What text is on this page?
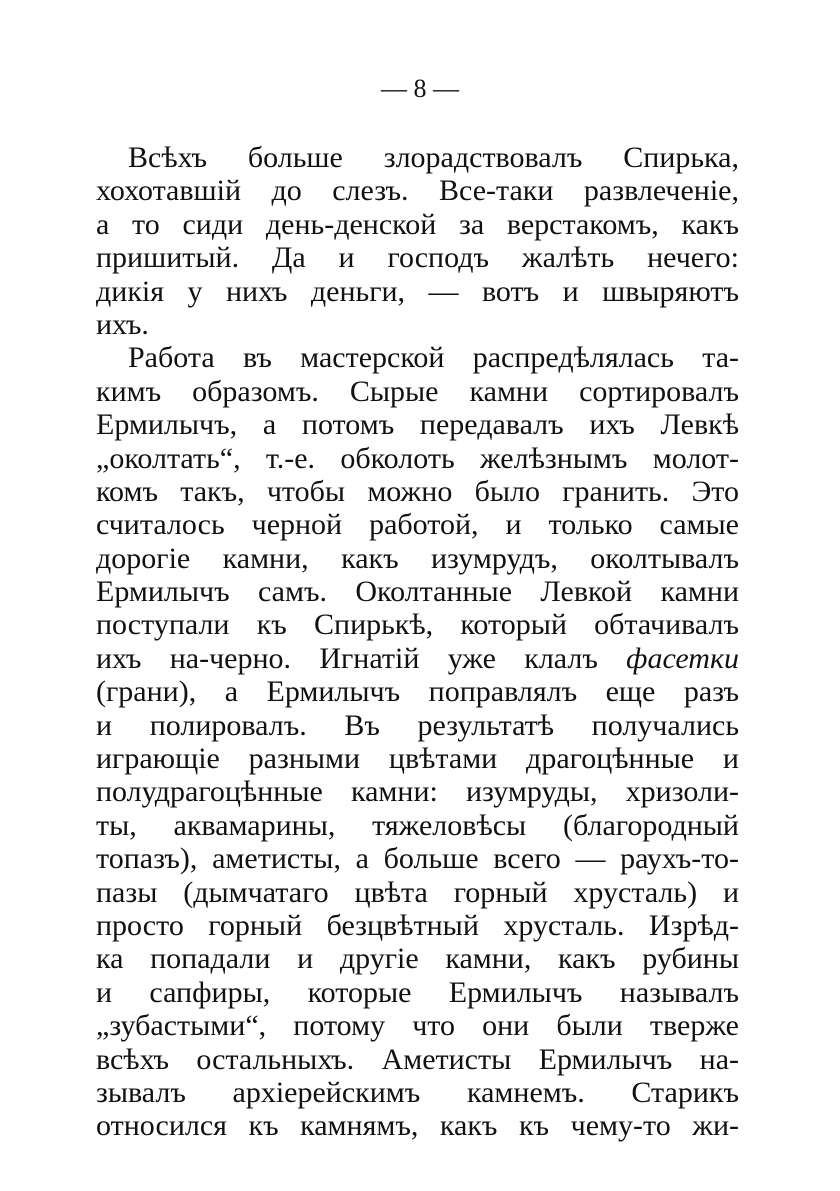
— 8 —
Всѣхъ больше злорадствовалъ Спирька,
хохотавшій до слезъ. Все-таки развлеченіе,
а то сиди день-денской за верстакомъ, какъ
пришитый. Да и господъ жалѣть нечего:
дикія у нихъ деньги, — вотъ и швыряютъ
ихъ.
Работа въ мастерской распредѣлялась та-
кимъ образомъ. Сырые камни сортировалъ
Ермилычъ, а потомъ передавалъ ихъ Левкѣ
„околтать“, т.-е. обколоть желѣзнымъ молот-
комъ такъ, чтобы можно было гранить. Это
считалось черной работой, и только самые
дорогіе камни, какъ изумрудъ, околтывалъ
Ермилычъ самъ. Околтанные Левкой камни
поступали къ Спирькѣ, который обтачивалъ
ихъ на-черно. Игнатій уже клалъ фасетки
(грани), а Ермилычъ поправлялъ еще разъ
и полировалъ. Въ результатѣ получались
играющіе разными цвѣтами драгоцѣнные и
полудрагоцѣнные камни: изумруды, хризоли-
ты, аквамарины, тяжеловѣсы (благородный
топазъ), аметисты, а больше всего — раухъ-то-
пазы (дымчатаго цвѣта горный хрусталь) и
просто горный безцвѣтный хрусталь. Изрѣд-
ка попадали и другіе камни, какъ рубины
и сапфиры, которые Ермилычъ называлъ
„зубастыми“, потому что они были тверже
всѣхъ остальныхъ. Аметисты Ермилычъ на-
зывалъ архіерейскимъ камнемъ. Старикъ
относился къ камнямъ, какъ къ чему-то жи-
